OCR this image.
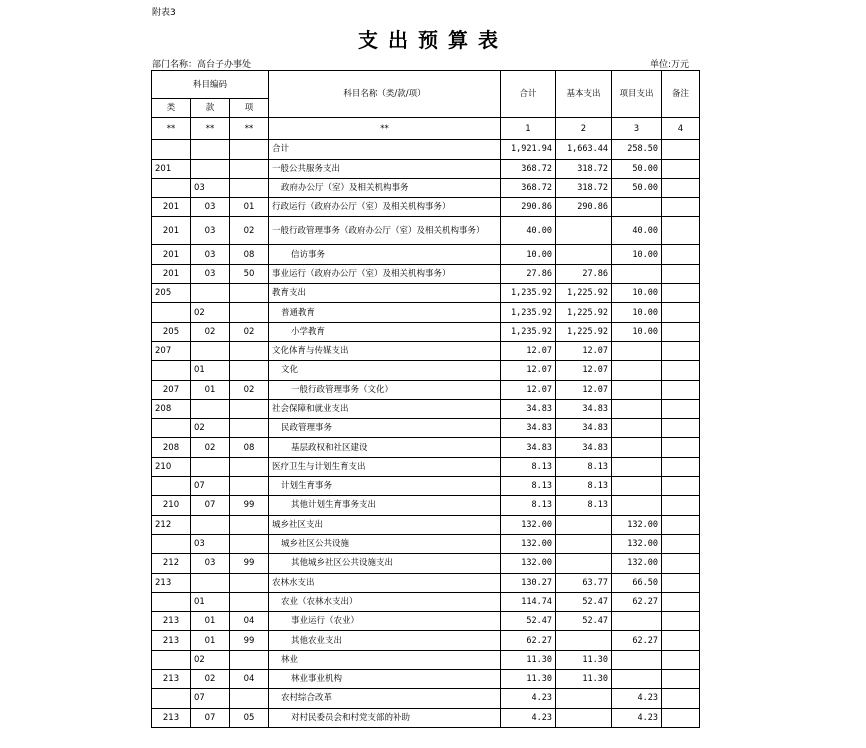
附表3
支出预算表
部门名称：高台子办事处	单位:万元
科目编码			科目名称（类/款/项）	合计	基本支出	项目支出	备注
类	款	项					
**	**	**	**	1	2	3	4
			合计	1,921.94	1,663.44	258.50	
201			一般公共服务支出	368.72	318.72	50.00	
	03		政府办公厅（室）及相关机构事务	368.72	318.72	50.00	
201	03	01	行政运行（政府办公厅（室）及相关机构事务）	290.86	290.86		
201	03	02	一般行政管理事务（政府办公厅（室）及相关机构事务）	40.00		40.00	
201	03	08	信访事务	10.00		10.00	
201	03	50	事业运行（政府办公厅（室）及相关机构事务）	27.86	27.86		
205			教育支出	1,235.92	1,225.92	10.00	
	02		普通教育	1,235.92	1,225.92	10.00	
205	02	02	小学教育	1,235.92	1,225.92	10.00	
207			文化体育与传媒支出	12.07	12.07		
	01		文化	12.07	12.07		
207	01	02	一般行政管理事务（文化）	12.07	12.07		
208			社会保障和就业支出	34.83	34.83		
	02		民政管理事务	34.83	34.83		
208	02	08	基层政权和社区建设	34.83	34.83		
210			医疗卫生与计划生育支出	8.13	8.13		
	07		计划生育事务	8.13	8.13		
210	07	99	其他计划生育事务支出	8.13	8.13		
212			城乡社区支出	132.00		132.00	
	03		城乡社区公共设施	132.00		132.00	
212	03	99	其他城乡社区公共设施支出	132.00		132.00	
213			农林水支出	130.27	63.77	66.50	
	01		农业（农林水支出）	114.74	52.47	62.27	
213	01	04	事业运行（农业）	52.47	52.47		
213	01	99	其他农业支出	62.27		62.27	
	02		林业	11.30	11.30		
213	02	04	林业事业机构	11.30	11.30		
	07		农村综合改革	4.23		4.23	
213	07	05	对村民委员会和村党支部的补助	4.23		4.23	
